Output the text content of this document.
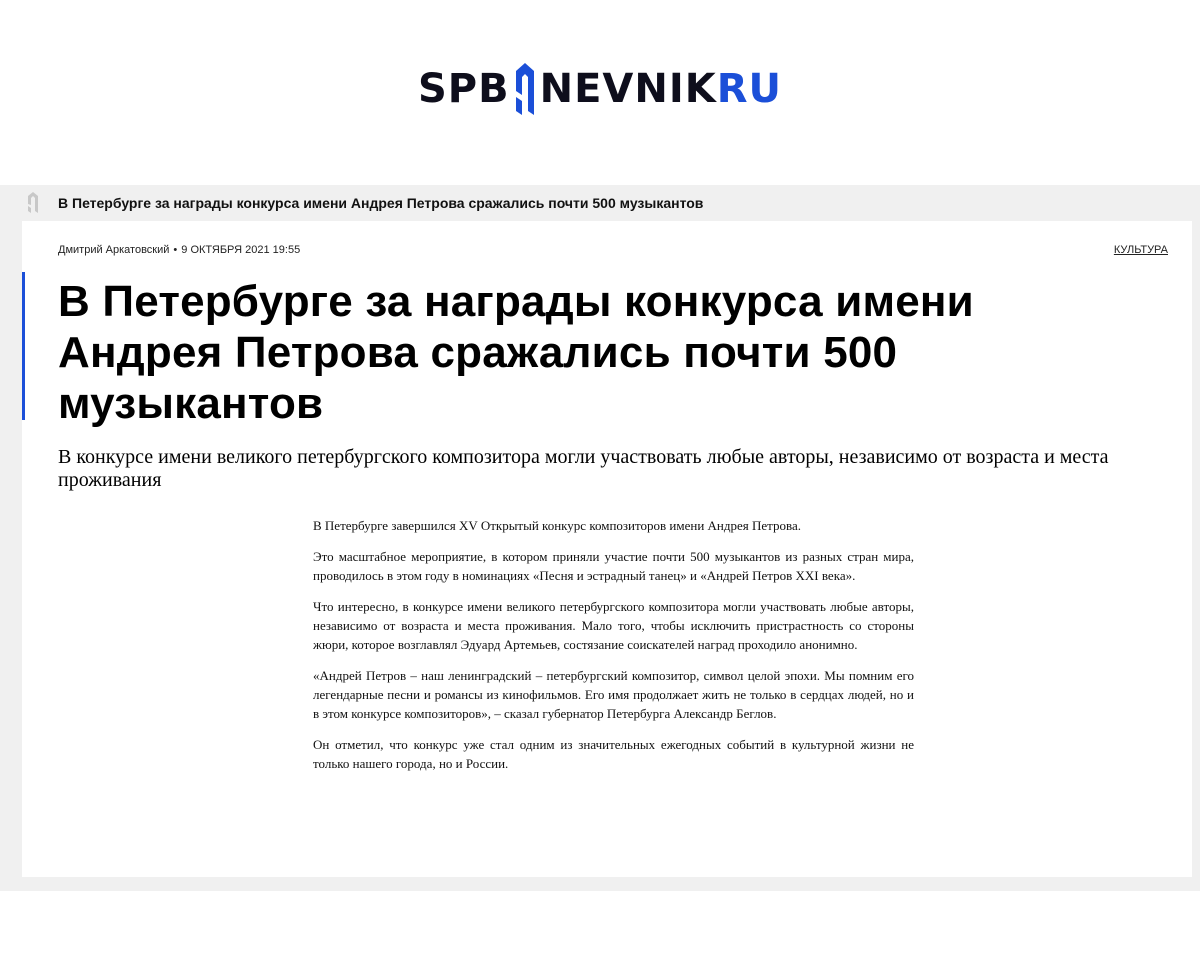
SPB NEVNIK RU
В Петербурге за награды конкурса имени Андрея Петрова сражались почти 500 музыкантов
Дмитрий Аркатовский • 9 ОКТЯБРЯ 2021 19:55	КУЛЬТУРА
В Петербурге за награды конкурса имени Андрея Петрова сражались почти 500 музыкантов

В конкурсе имени великого петербургского композитора могли участвовать любые авторы, независимо от возраста и места проживания

В Петербурге завершился XV Открытый конкурс композиторов имени Андрея Петрова.

Это масштабное мероприятие, в котором приняли участие почти 500 музыкантов из разных стран мира, проводилось в этом году в номинациях «Песня и эстрадный танец» и «Андрей Петров XXI века».

Что интересно, в конкурсе имени великого петербургского композитора могли участвовать любые авторы, независимо от возраста и места проживания. Мало того, чтобы исключить пристрастность со стороны жюри, которое возглавлял Эдуард Артемьев, состязание соискателей наград проходило анонимно.

«Андрей Петров – наш ленинградский – петербургский композитор, символ целой эпохи. Мы помним его легендарные песни и романсы из кинофильмов. Его имя продолжает жить не только в сердцах людей, но и в этом конкурсе композиторов», – сказал губернатор Петербурга Александр Беглов.

Он отметил, что конкурс уже стал одним из значительных ежегодных событий в культурной жизни не только нашего города, но и России.
